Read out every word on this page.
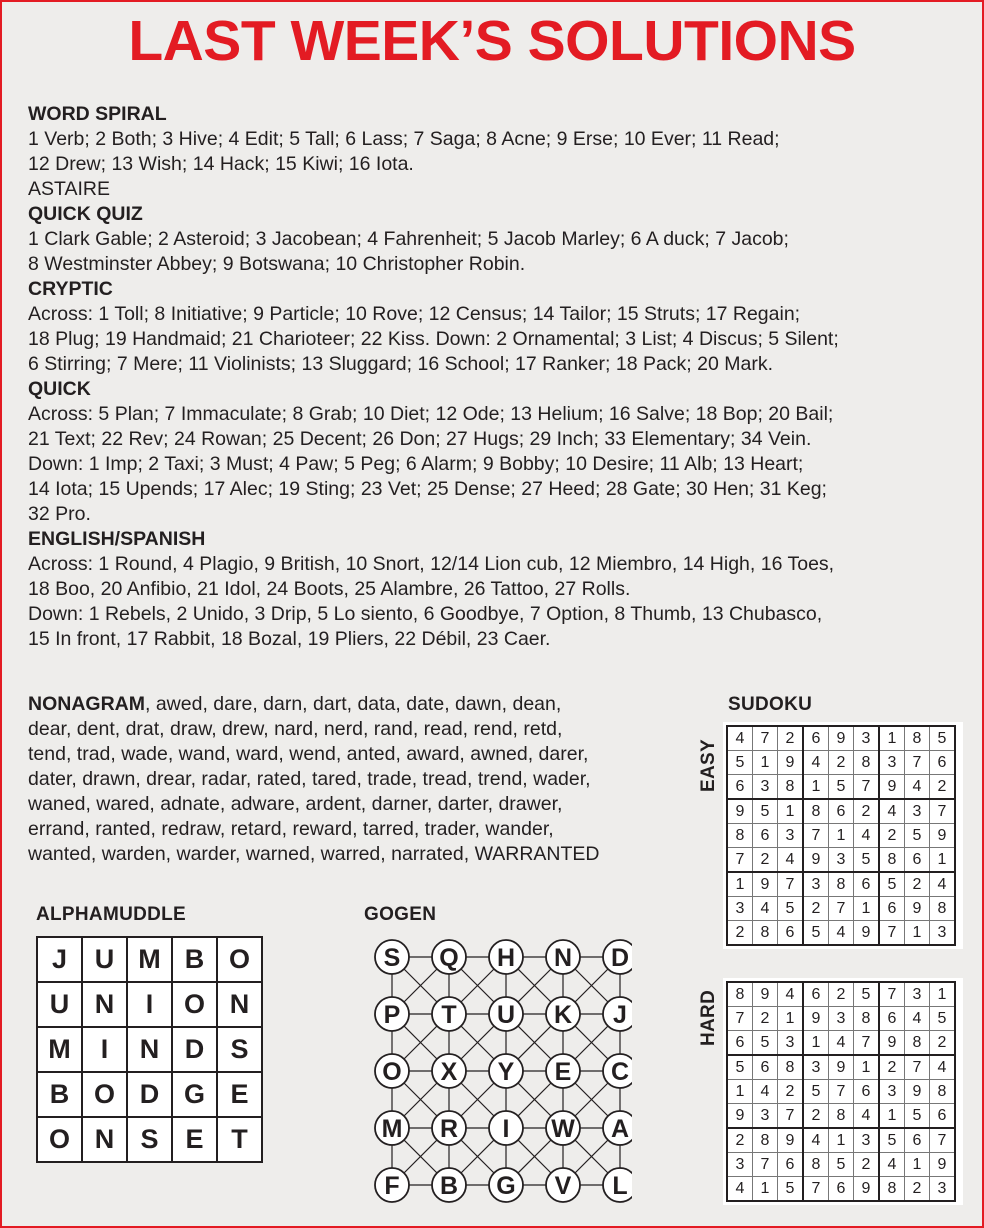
LAST WEEK’S SOLUTIONS
WORD SPIRAL
1 Verb; 2 Both; 3 Hive; 4 Edit; 5 Tall; 6 Lass; 7 Saga; 8 Acne; 9 Erse; 10 Ever; 11 Read;
12 Drew; 13 Wish; 14 Hack; 15 Kiwi; 16 Iota.
ASTAIRE
QUICK QUIZ
1 Clark Gable; 2 Asteroid; 3 Jacobean; 4 Fahrenheit; 5 Jacob Marley; 6 A duck; 7 Jacob;
8 Westminster Abbey; 9 Botswana; 10 Christopher Robin.
CRYPTIC
Across: 1 Toll; 8 Initiative; 9 Particle; 10 Rove; 12 Census; 14 Tailor; 15 Struts; 17 Regain;
18 Plug; 19 Handmaid; 21 Charioteer; 22 Kiss. Down: 2 Ornamental; 3 List; 4 Discus; 5 Silent;
6 Stirring; 7 Mere; 11 Violinists; 13 Sluggard; 16 School; 17 Ranker; 18 Pack; 20 Mark.
QUICK
Across: 5 Plan; 7 Immaculate; 8 Grab; 10 Diet; 12 Ode; 13 Helium; 16 Salve; 18 Bop; 20 Bail;
21 Text; 22 Rev; 24 Rowan; 25 Decent; 26 Don; 27 Hugs; 29 Inch; 33 Elementary; 34 Vein.
Down: 1 Imp; 2 Taxi; 3 Must; 4 Paw; 5 Peg; 6 Alarm; 9 Bobby; 10 Desire; 11 Alb; 13 Heart;
14 Iota; 15 Upends; 17 Alec; 19 Sting; 23 Vet; 25 Dense; 27 Heed; 28 Gate; 30 Hen; 31 Keg;
32 Pro.
ENGLISH/SPANISH
Across: 1 Round, 4 Plagio, 9 British, 10 Snort, 12/14 Lion cub, 12 Miembro, 14 High, 16 Toes,
18 Boo, 20 Anfibio, 21 Idol, 24 Boots, 25 Alambre, 26 Tattoo, 27 Rolls.
Down: 1 Rebels, 2 Unido, 3 Drip, 5 Lo siento, 6 Goodbye, 7 Option, 8 Thumb, 13 Chubasco,
15 In front, 17 Rabbit, 18 Bozal, 19 Pliers, 22 Débil, 23 Caer.
NONAGRAM, awed, dare, darn, dart, data, date, dawn, dean,
dear, dent, drat, draw, drew, nard, nerd, rand, read, rend, retd,
tend, trad, wade, wand, ward, wend, anted, award, awned, darer,
dater, drawn, drear, radar, rated, tared, trade, tread, trend, wader,
waned, wared, adnate, adware, ardent, darner, darter, drawer,
errand, ranted, redraw, retard, reward, tarred, trader, wander,
wanted, warden, warder, warned, warred, narrated, WARRANTED
ALPHAMUDDLE
J	U	M	B	O
U	N	I	O	N
M	I	N	D	S
B	O	D	G	E
O	N	S	E	T
GOGEN
S Q H N D
P T U K J
O X Y E C
M R I W A
F B G V L
SUDOKU
EASY
4	7	2	6	9	3	1	8	5
5	1	9	4	2	8	3	7	6
6	3	8	1	5	7	9	4	2
9	5	1	8	6	2	4	3	7
8	6	3	7	1	4	2	5	9
7	2	4	9	3	5	8	6	1
1	9	7	3	8	6	5	2	4
3	4	5	2	7	1	6	9	8
2	8	6	5	4	9	7	1	3
HARD 8	9	4	6	2	5	7	3	1
7	2	1	9	3	8	6	4	5
6	5	3	1	4	7	9	8	2
5	6	8	3	9	1	2	7	4
1	4	2	5	7	6	3	9	8
9	3	7	2	8	4	1	5	6
2	8	9	4	1	3	5	6	7
3	7	6	8	5	2	4	1	9
4	1	5	7	6	9	8	2	3
